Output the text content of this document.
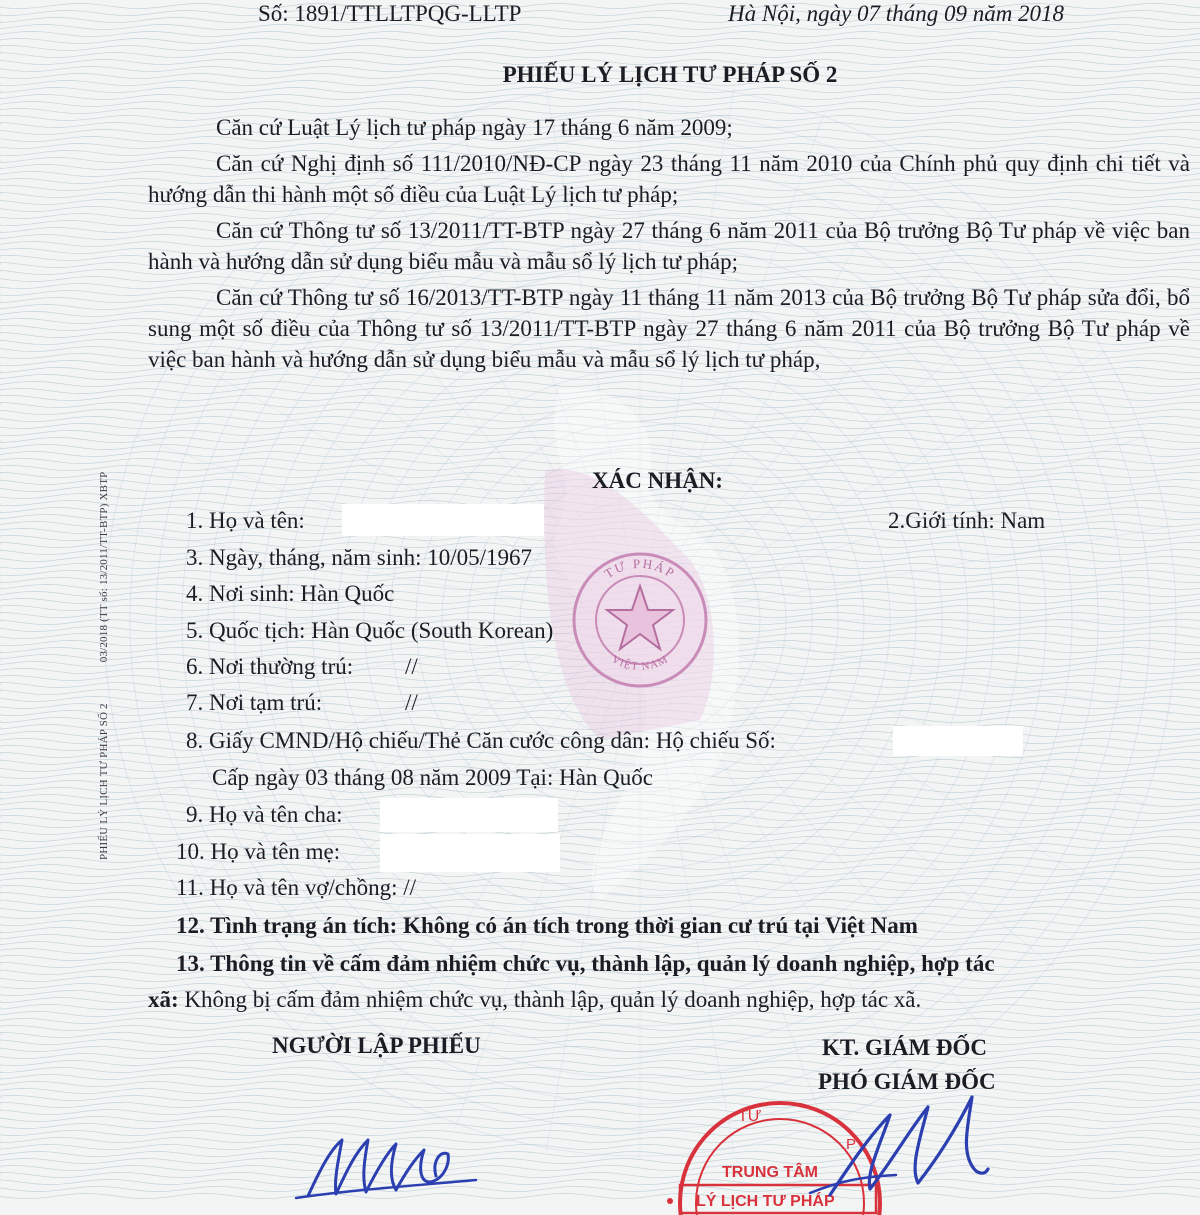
TƯ PHÁP
VIỆT NAM
PHIẾU LÝ LỊCH TƯ PHÁP SỐ 2 03/2018 (TT số: 13/2011/TT-BTP) XBTP
Số: 1891/TTLLTPQG-LLTP	Hà Nội, ngày 07 tháng 09 năm 2018
PHIẾU LÝ LỊCH TƯ PHÁP SỐ 2
Căn cứ Luật Lý lịch tư pháp ngày 17 tháng 6 năm 2009;
Căn cứ Nghị định số 111/2010/NĐ-CP ngày 23 tháng 11 năm 2010 của Chính phủ quy định chi tiết và hướng dẫn thi hành một số điều của Luật Lý lịch tư pháp;
Căn cứ Thông tư số 13/2011/TT-BTP ngày 27 tháng 6 năm 2011 của Bộ trưởng Bộ Tư pháp về việc ban hành và hướng dẫn sử dụng biểu mẫu và mẫu sổ lý lịch tư pháp;
Căn cứ Thông tư số 16/2013/TT-BTP ngày 11 tháng 11 năm 2013 của Bộ trưởng Bộ Tư pháp sửa đổi, bổ sung một số điều của Thông tư số 13/2011/TT-BTP ngày 27 tháng 6 năm 2011 của Bộ trưởng Bộ Tư pháp về việc ban hành và hướng dẫn sử dụng biểu mẫu và mẫu sổ lý lịch tư pháp,
XÁC NHẬN:
1. Họ và tên:	2.Giới tính: Nam
3. Ngày, tháng, năm sinh: 10/05/1967
4. Nơi sinh: Hàn Quốc
5. Quốc tịch: Hàn Quốc (South Korean)
6. Nơi thường trú: //
7. Nơi tạm trú:	//
8. Giấy CMND/Hộ chiếu/Thẻ Căn cước công dân: Hộ chiếu Số:
Cấp ngày 03 tháng 08 năm 2009 Tại: Hàn Quốc
9. Họ và tên cha:
10. Họ và tên mẹ:
11. Họ và tên vợ/chồng: //
12. Tình trạng án tích: Không có án tích trong thời gian cư trú tại Việt Nam
13. Thông tin về cấm đảm nhiệm chức vụ, thành lập, quản lý doanh nghiệp, hợp tác
xã: Không bị cấm đảm nhiệm chức vụ, thành lập, quản lý doanh nghiệp, hợp tác xã.
NGƯỜI LẬP PHIẾU	KT. GIÁM ĐỐC
PHÓ GIÁM ĐỐC
TƯ
P
TRUNG TÂM
LÝ LỊCH TƯ PHÁP
